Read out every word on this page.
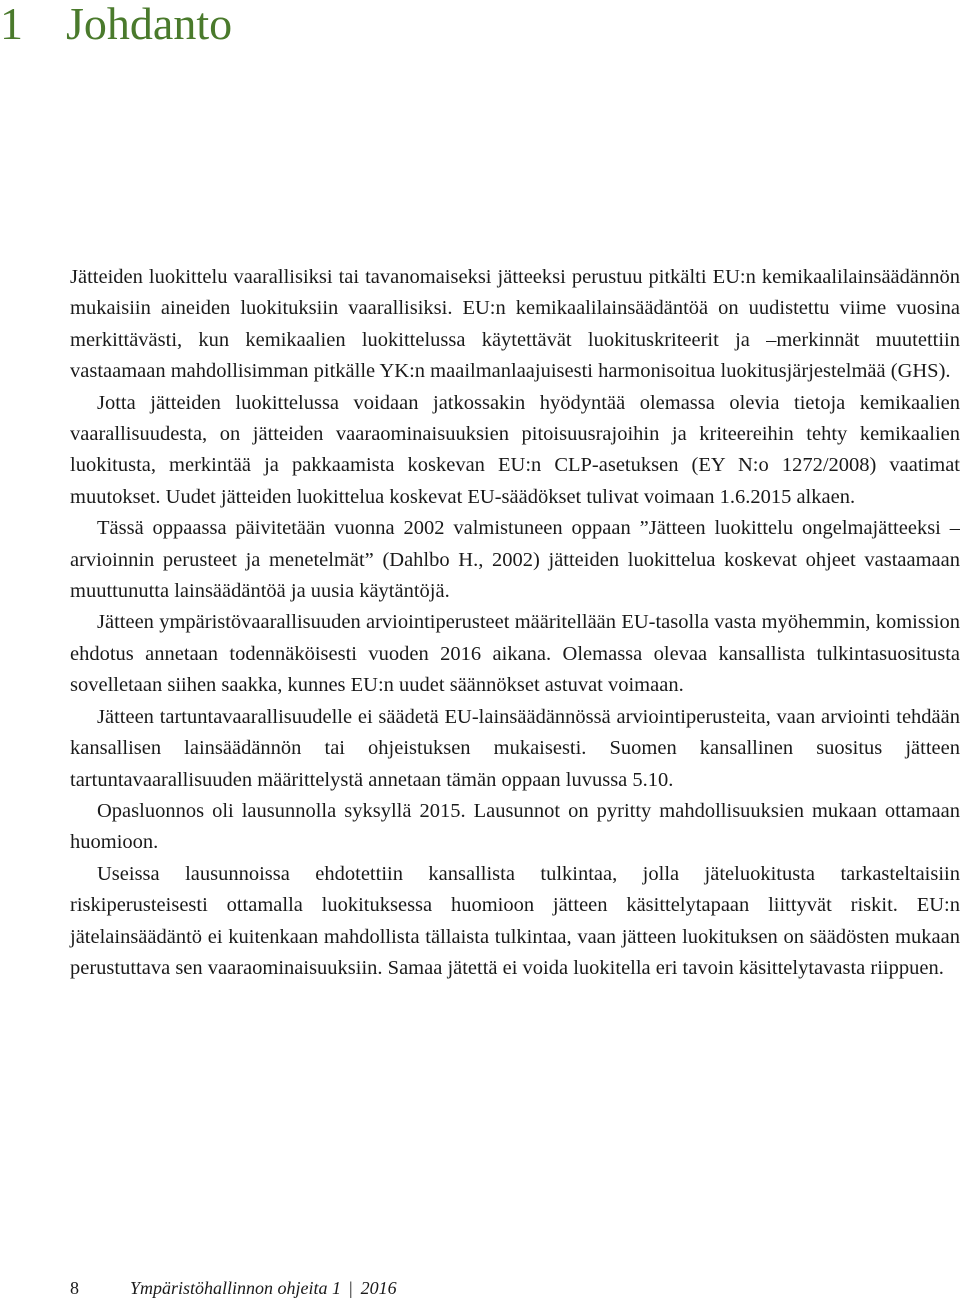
1 Johdanto

Jätteiden luokittelu vaarallisiksi tai tavanomaiseksi jätteeksi perustuu pitkälti EU:n kemikaalilainsäädännön mukaisiin aineiden luokituksiin vaarallisiksi. EU:n kemikaalilainsäädäntöä on uudistettu viime vuosina merkittävästi, kun kemikaalien luokittelussa käytettävät luokituskriteerit ja –merkinnät muutettiin vastaamaan mahdollisimman pitkälle YK:n maailmanlaajuisesti harmonisoitua luokitusjärjestelmää (GHS).

Jotta jätteiden luokittelussa voidaan jatkossakin hyödyntää olemassa olevia tietoja kemikaalien vaarallisuudesta, on jätteiden vaaraominaisuuksien pitoisuusrajoihin ja kriteereihin tehty kemikaalien luokitusta, merkintää ja pakkaamista koskevan EU:n CLP-asetuksen (EY N:o 1272/2008) vaatimat muutokset. Uudet jätteiden luokittelua koskevat EU-säädökset tulivat voimaan 1.6.2015 alkaen.

Tässä oppaassa päivitetään vuonna 2002 valmistuneen oppaan ”Jätteen luokittelu ongelmajätteeksi – arvioinnin perusteet ja menetelmät” (Dahlbo H., 2002) jätteiden luokittelua koskevat ohjeet vastaamaan muuttunutta lainsäädäntöä ja uusia käytäntöjä.

Jätteen ympäristövaarallisuuden arviointiperusteet määritellään EU-tasolla vasta myöhemmin, komission ehdotus annetaan todennäköisesti vuoden 2016 aikana. Olemassa olevaa kansallista tulkintasuositusta sovelletaan siihen saakka, kunnes EU:n uudet säännökset astuvat voimaan.

Jätteen tartuntavaarallisuudelle ei säädetä EU-lainsäädännössä arviointiperusteita, vaan arviointi tehdään kansallisen lainsäädännön tai ohjeistuksen mukaisesti. Suomen kansallinen suositus jätteen tartuntavaarallisuuden määrittelystä annetaan tämän oppaan luvussa 5.10.

Opasluonnos oli lausunnolla syksyllä 2015. Lausunnot on pyritty mahdollisuuksien mukaan ottamaan huomioon.

Useissa lausunnoissa ehdotettiin kansallista tulkintaa, jolla jäteluokitusta tarkasteltaisiin riskiperusteisesti ottamalla luokituksessa huomioon jätteen käsittelytapaan liittyvät riskit. EU:n jätelainsäädäntö ei kuitenkaan mahdollista tällaista tulkintaa, vaan jätteen luokituksen on säädösten mukaan perustuttava sen vaaraominaisuuksiin. Samaa jätettä ei voida luokitella eri tavoin käsittelytavasta riippuen.

8	Ympäristöhallinnon ohjeita 1 | 2016
